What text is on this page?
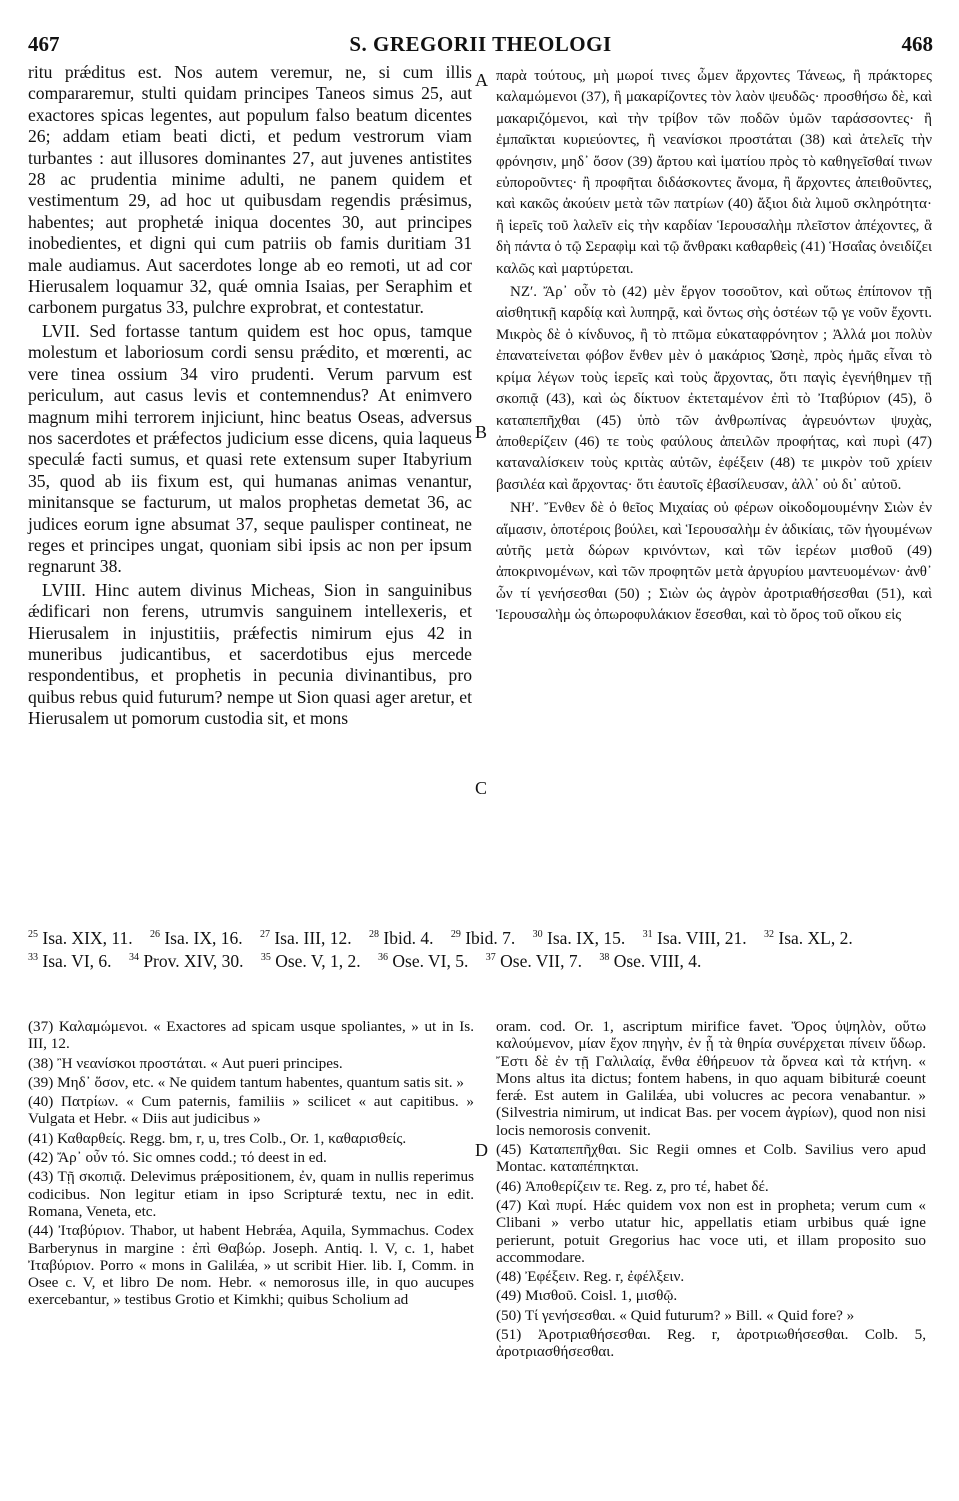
467	S. GREGORII THEOLOGI	468

ritu prǽditus est. Nos autem veremur, ne, si cum illis compararemur, stulti quidam principes Taneos simus 25, aut exactores spicas legentes, aut populum falso beatum dicentes 26; addam etiam beati dicti, et pedum vestrorum viam turbantes : aut illusores dominantes 27, aut juvenes antistites 28 ac prudentia minime adulti, ne panem quidem et vestimentum 29, ad hoc ut quibusdam regendis prǽsimus, habentes; aut prophetǽ iniqua docentes 30, aut principes inobedientes, et digni qui cum patriis ob famis duritiam 31 male audiamus. Aut sacerdotes longe ab eo remoti, ut ad cor Hierusalem loquamur 32, quǽ omnia Isaias, per Seraphim et carbonem purgatus 33, pulchre exprobrat, et contestatur.

LVII. Sed fortasse tantum quidem est hoc opus, tamque molestum et laboriosum cordi sensu prǽdito, et mœrenti, ac vere tinea ossium 34 viro prudenti. Verum parvum est periculum, aut casus levis et contemnendus? At enimvero magnum mihi terrorem injiciunt, hinc beatus Oseas, adversus nos sacerdotes et prǽfectos judicium esse dicens, quia laqueus speculǽ facti sumus, et quasi rete extensum super Itabyrium 35, quod ab iis fixum est, qui humanas animas venantur, minitansque se facturum, ut malos prophetas demetat 36, ac judices eorum igne absumat 37, seque paulisper contineat, ne reges et principes ungat, quoniam sibi ipsis ac non per ipsum regnarunt 38.

LVIII. Hinc autem divinus Micheas, Sion in sanguinibus ǽdificari non ferens, utrumvis sanguinem intellexeris, et Hierusalem in injustitiis, prǽfectis nimirum ejus 42 in muneribus judicantibus, et sacerdotibus ejus mercede respondentibus, et prophetis in pecunia divinantibus, pro quibus rebus quid futurum? nempe ut Sion quasi ager aretur, et Hierusalem ut pomorum custodia sit, et mons

A
B
C
D

παρὰ τούτους, μὴ μωροί τινες ὦμεν ἄρχοντες Τάνεως, ἢ πράκτορες καλαμώμενοι (37), ἢ μακαρίζοντες τὸν λαὸν ψευδῶς· προσθήσω δὲ, καὶ μακαριζόμενοι, καὶ τὴν τρίβον τῶν ποδῶν ὑμῶν ταράσσοντες· ἢ ἐμπαῖκται κυριεύοντες, ἢ νεανίσκοι προστάται (38) καὶ ἀτελεῖς τὴν φρόνησιν, μηδ᾽ ὅσον (39) ἄρτου καὶ ἱματίου πρὸς τὸ καθηγεῖσθαί τινων εὐποροῦντες· ἢ προφῆται διδάσκοντες ἄνομα, ἢ ἄρχοντες ἀπειθοῦντες, καὶ κακῶς ἀκούειν μετὰ τῶν πατρίων (40) ἄξιοι διὰ λιμοῦ σκληρότητα· ἢ ἱερεῖς τοῦ λαλεῖν εἰς τὴν καρδίαν Ἱερουσαλὴμ πλεῖστον ἀπέχοντες, ἃ δὴ πάντα ὁ τῷ Σεραφὶμ καὶ τῷ ἄνθρακι καθαρθεὶς (41) Ἡσαΐας ὀνειδίζει καλῶς καὶ μαρτύρεται.

ΝΖʹ. Ἄρ᾽ οὖν τὸ (42) μὲν ἔργον τοσοῦτον, καὶ οὕτως ἐπίπονον τῇ αἰσθητικῇ καρδίᾳ καὶ λυπηρᾷ, καὶ ὄντως σὴς ὀστέων τῷ γε νοῦν ἔχοντι. Μικρὸς δὲ ὁ κίνδυνος, ἢ τὸ πτῶμα εὐκαταφρόνητον ; Ἀλλά μοι πολὺν ἐπανατείνεται φόβον ἔνθεν μὲν ὁ μακάριος Ὠσηὲ, πρὸς ἡμᾶς εἶναι τὸ κρίμα λέγων τοὺς ἱερεῖς καὶ τοὺς ἄρχοντας, ὅτι παγὶς ἐγενήθημεν τῇ σκοπιᾷ (43), καὶ ὡς δίκτυον ἐκτεταμένον ἐπὶ τὸ Ἰταβύριον (45), ὃ καταπεπῆχθαι (45) ὑπὸ τῶν ἀνθρωπίνας ἀγρευόντων ψυχὰς, ἀποθερίζειν (46) τε τοὺς φαύλους ἀπειλῶν προφήτας, καὶ πυρὶ (47) καταναλίσκειν τοὺς κριτὰς αὐτῶν, ἐφέξειν (48) τε μικρὸν τοῦ χρίειν βασιλέα καὶ ἄρχοντας· ὅτι ἑαυτοῖς ἐβασίλευσαν, ἀλλ᾽ οὐ δι᾽ αὐτοῦ.

ΝΗʹ. Ἔνθεν δὲ ὁ θεῖος Μιχαίας οὐ φέρων οἰκοδομουμένην Σιὼν ἐν αἵμασιν, ὁποτέροις βούλει, καὶ Ἱερουσαλὴμ ἐν ἀδικίαις, τῶν ἡγουμένων αὐτῆς μετὰ δώρων κρινόντων, καὶ τῶν ἱερέων μισθοῦ (49) ἀποκρινομένων, καὶ τῶν προφητῶν μετὰ ἀργυρίου μαντευομένων· ἀνθ᾽ ὧν τί γενήσεσθαι (50) ; Σιὼν ὡς ἀγρὸν ἀροτριαθήσεσθαι (51), καὶ Ἱερουσαλὴμ ὡς ὀπωροφυλάκιον ἔσεσθαι, καὶ τὸ ὄρος τοῦ οἴκου εἰς

$^{25}$ Isa. XIX, 11. $^{26}$ Isa. IX, 16. $^{27}$ Isa. III, 12. $^{28}$ Ibid. 4. $^{29}$ Ibid. 7. $^{30}$ Isa. IX, 15. $^{31}$ Isa. VIII, 21. $^{32}$ Isa. XL, 2. $^{33}$ Isa. VI, 6. $^{34}$ Prov. XIV, 30. $^{35}$ Ose. V, 1, 2. $^{36}$ Ose. VI, 5. $^{37}$ Ose. VII, 7. $^{38}$ Ose. VIII, 4.

(37) Καλαμώμενοι. « Exactores ad spicam usque spoliantes, » ut in Is. III, 12.

(38) Ἢ νεανίσκοι προστάται. « Aut pueri principes.

(39) Μηδ᾽ ὅσον, etc. « Ne quidem tantum habentes, quantum satis sit. »

(40) Πατρίων. « Cum paternis, familiis » scilicet « aut capitibus. » Vulgata et Hebr. « Diis aut judicibus »

(41) Καθαρθείς. Regg. bm, r, u, tres Colb., Or. 1, καθαρισθείς.

(42) Ἄρ᾽ οὖν τό. Sic omnes codd.; τό deest in ed.

(43) Τῇ σκοπιᾷ. Delevimus prǽpositionem, ἐν, quam in nullis reperimus codicibus. Non legitur etiam in ipso Scripturǽ textu, nec in edit. Romana, Veneta, etc.

(44) Ἰταβύριον. Thabor, ut habent Hebrǽa, Aquila, Symmachus. Codex Barberynus in margine : ἐπὶ Θαβώρ. Joseph. Antiq. l. V, c. 1, habet Ἰταβύριον. Porro « mons in Galilǽa, » ut scribit Hier. lib. I, Comm. in Osee c. V, et libro De nom. Hebr. « nemorosus ille, in quo aucupes exercebantur, » testibus Grotio et Kimkhi; quibus Scholium ad

oram. cod. Or. 1, ascriptum mirifice favet. Ὄρος ὑψηλὸν, οὕτω καλούμενον, μίαν ἔχον πηγὴν, ἐν ᾗ τὰ θηρία συνέρχεται πίνειν ὕδωρ. Ἔστι δὲ ἐν τῇ Γαλιλαίᾳ, ἔνθα ἐθήρευον τὰ ὄρνεα καὶ τὰ κτήνη. « Mons altus ita dictus; fontem habens, in quo aquam bibiturǽ coeunt ferǽ. Est autem in Galilǽa, ubi volucres ac pecora venabantur. » (Silvestria nimirum, ut indicat Bas. per vocem ἀγρίων), quod non nisi locis nemorosis convenit.

(45) Καταπεπῆχθαι. Sic Regii omnes et Colb. Savilius vero apud Montac. καταπέπηκται.

(46) Ἀποθερίζειν τε. Reg. z, pro τέ, habet δέ.

(47) Καὶ πυρί. Hǽc quidem vox non est in propheta; verum cum « Clibani » verbo utatur hic, appellatis etiam urbibus quǽ igne perierunt, potuit Gregorius hac voce uti, et illam proposito suo accommodare.

(48) Ἐφέξειν. Reg. r, ἐφέλξειν.

(49) Μισθοῦ. Coisl. 1, μισθῷ.

(50) Τί γενήσεσθαι. « Quid futurum? » Bill. « Quid fore? »

(51) Ἀροτριαθήσεσθαι. Reg. r, ἀροτριωθήσεσθαι. Colb. 5, ἀροτριασθήσεσθαι.
